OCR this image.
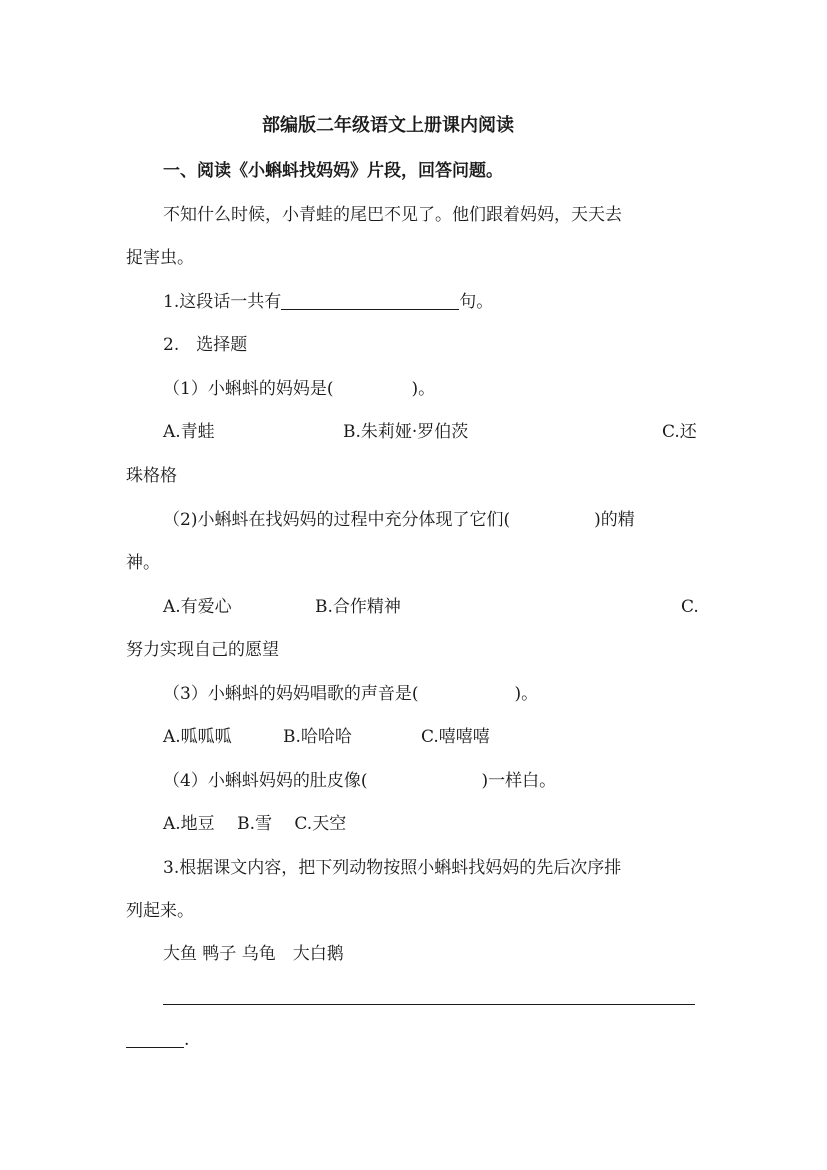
部编版二年级语文上册课内阅读
一、阅读《小蝌蚪找妈妈》片段，回答问题。
不知什么时候，小青蛙的尾巴不见了。他们跟着妈妈，天天去
捉害虫。
1.这段话一共有	句。
2.　选择题
（1）小蝌蚪的妈妈是(	)。
A.青蛙	B.朱莉娅·罗伯茨	C.还
珠格格
（2)小蝌蚪在找妈妈的过程中充分体现了它们(	)的精
神。
A.有爱心	B.合作精神	C.
努力实现自己的愿望
（3）小蝌蚪的妈妈唱歌的声音是(	)。
A.呱呱呱	B.哈哈哈	C.嘻嘻嘻
（4）小蝌蚪妈妈的肚皮像(	)一样白。
A.地豆　 B.雪　 C.天空
3.根据课文内容，把下列动物按照小蝌蚪找妈妈的先后次序排
列起来。
大鱼 鸭子 乌龟　大白鹅
.
